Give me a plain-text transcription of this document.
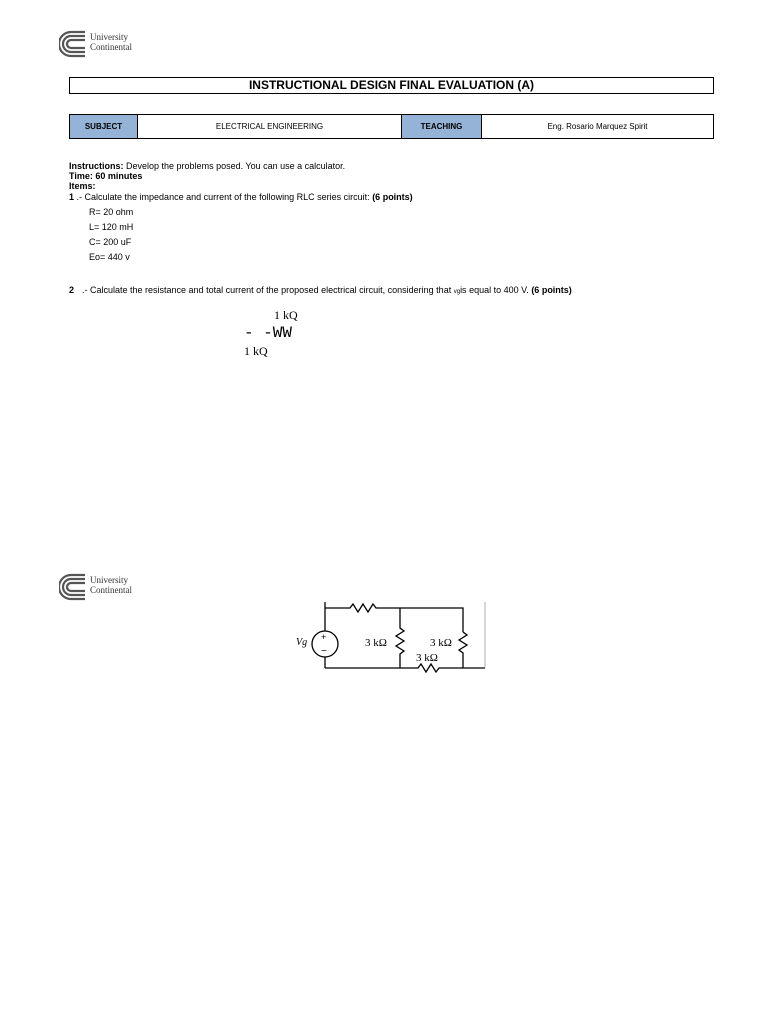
University
Continental
INSTRUCTIONAL DESIGN FINAL EVALUATION (A)
SUBJECT	ELECTRICAL ENGINEERING	TEACHING	Eng. Rosario Marquez Spirit
Instructions: Develop the problems posed. You can use a calculator.
Time: 60 minutes
Items:
1 .- Calculate the impedance and current of the following RLC series circuit: (6 points)
R= 20 ohm
L= 120 mH
C= 200 uF
Eo= 440 v
2 .- Calculate the resistance and total current of the proposed electrical circuit, considering that vgis equal to 400 V. (6 points)
1 kQ
- -WW
1 kQ
University
Continental
+
−
Vg	3 kΩ	3 kΩ
3 kΩ
